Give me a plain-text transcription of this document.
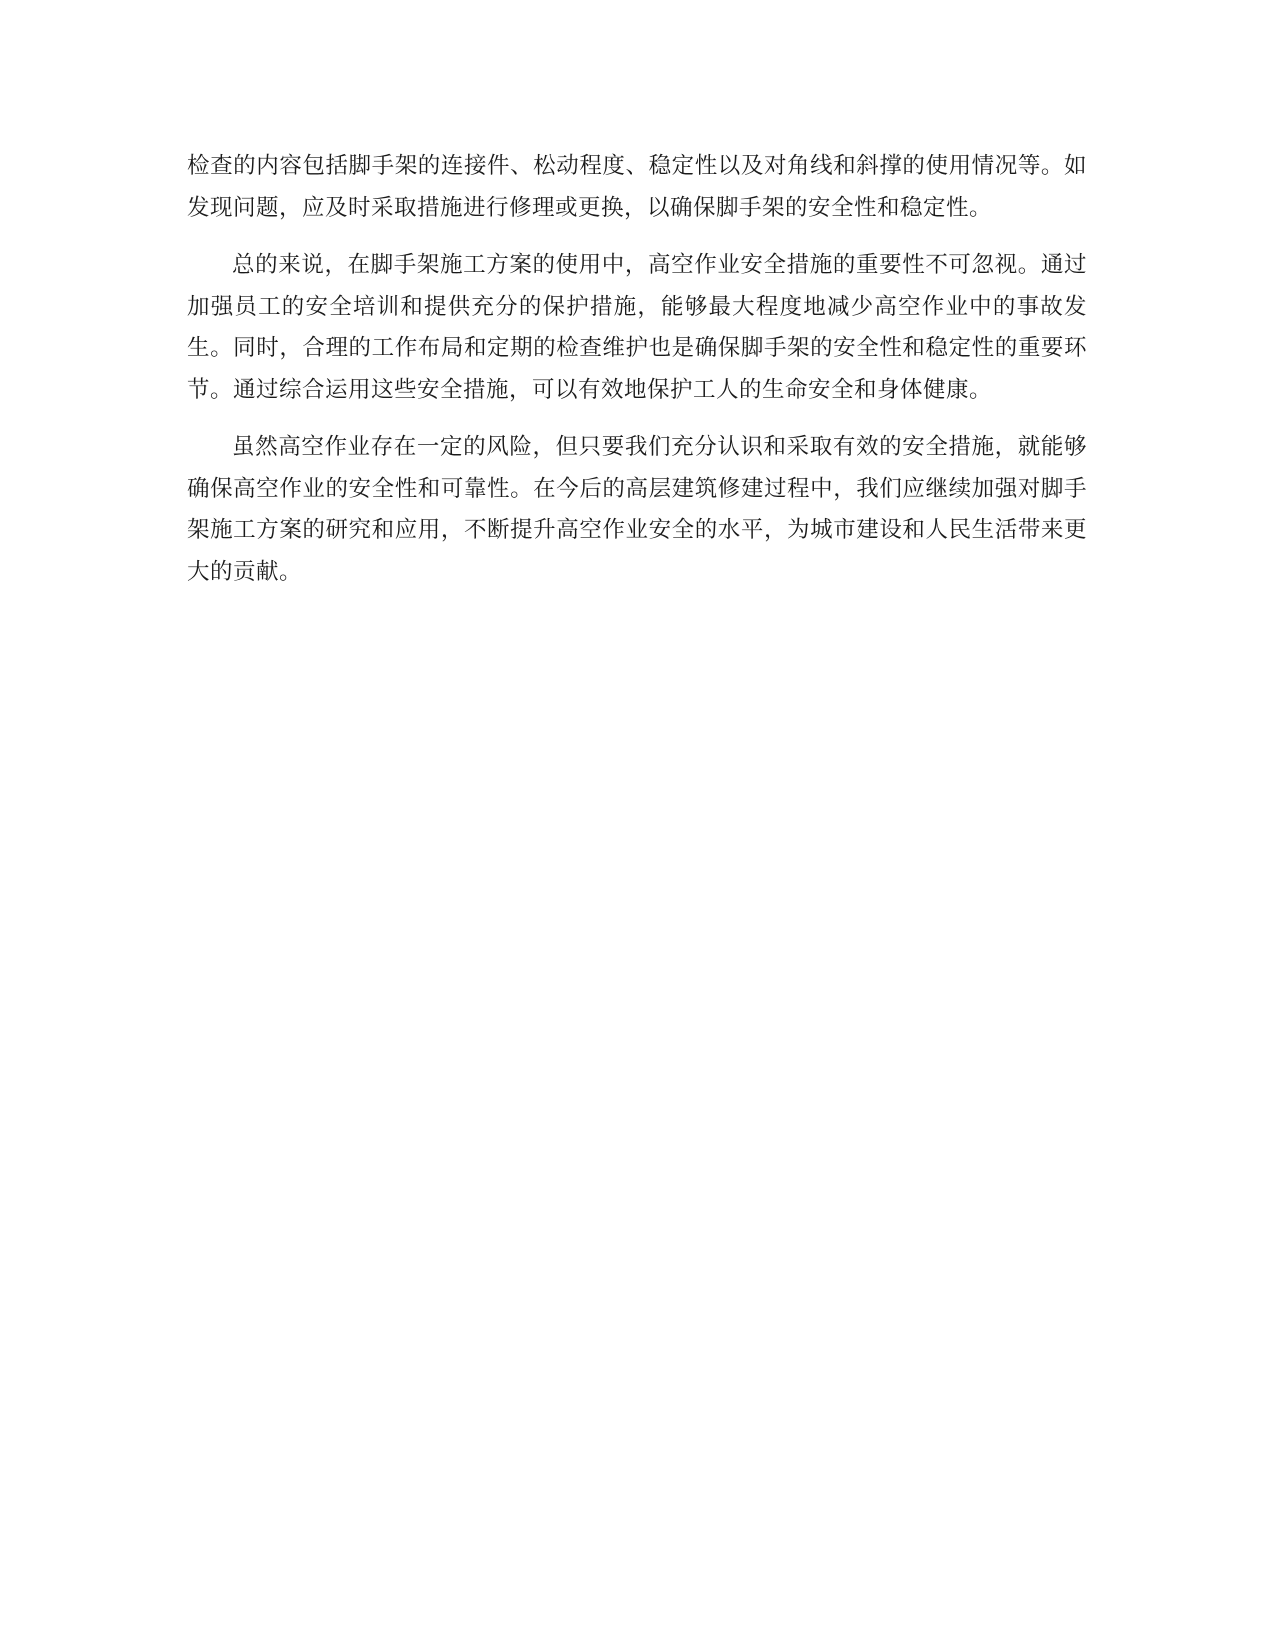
检查的内容包括脚手架的连接件、松动程度、稳定性以及对角线和斜撑的使用情况等。如发现问题，应及时采取措施进行修理或更换，以确保脚手架的安全性和稳定性。

总的来说，在脚手架施工方案的使用中，高空作业安全措施的重要性不可忽视。通过加强员工的安全培训和提供充分的保护措施，能够最大程度地减少高空作业中的事故发生。同时，合理的工作布局和定期的检查维护也是确保脚手架的安全性和稳定性的重要环节。通过综合运用这些安全措施，可以有效地保护工人的生命安全和身体健康。

虽然高空作业存在一定的风险，但只要我们充分认识和采取有效的安全措施，就能够确保高空作业的安全性和可靠性。在今后的高层建筑修建过程中，我们应继续加强对脚手架施工方案的研究和应用，不断提升高空作业安全的水平，为城市建设和人民生活带来更大的贡献。
